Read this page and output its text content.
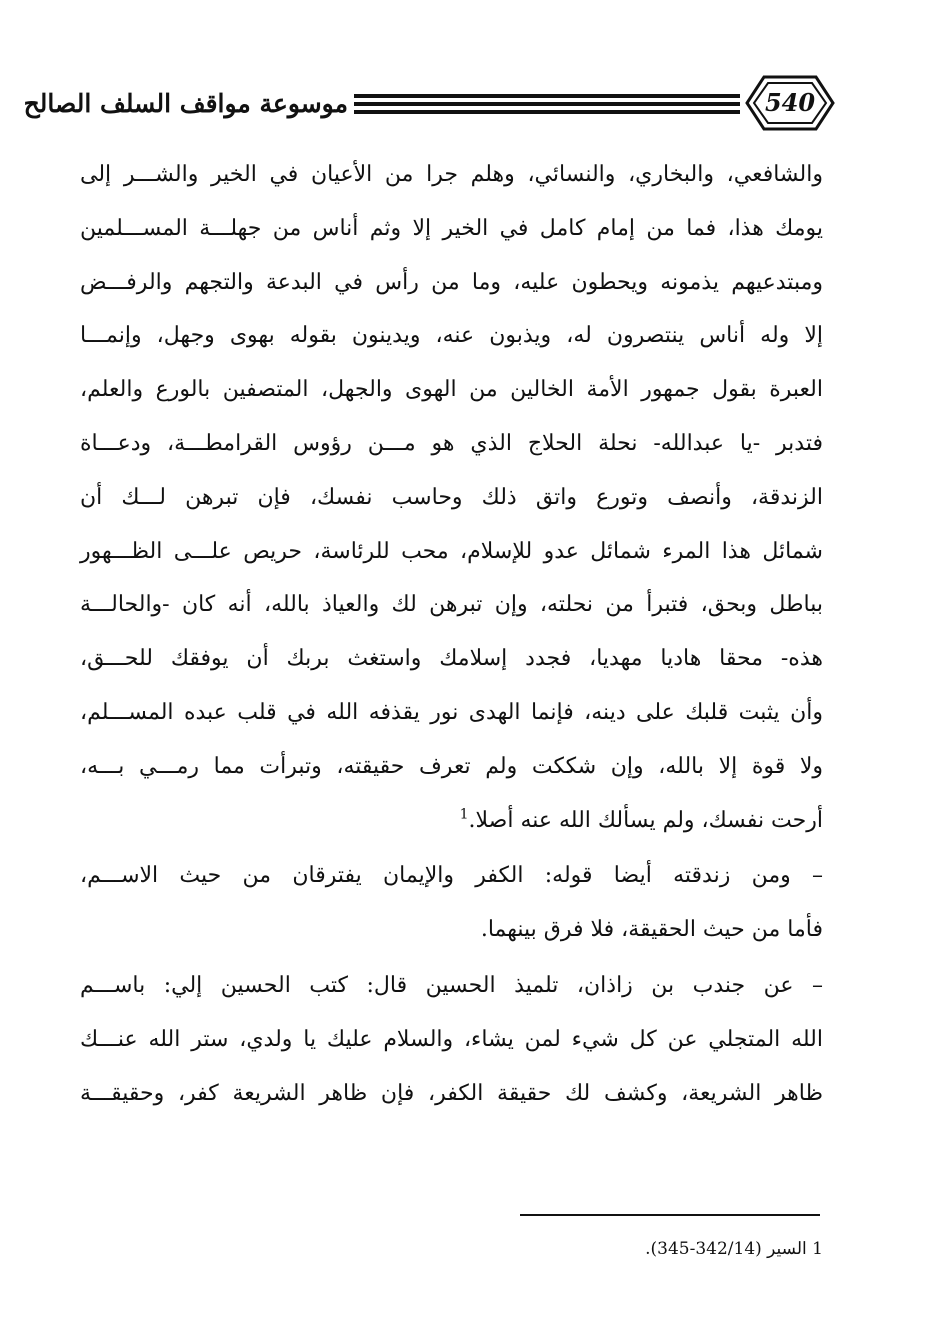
موسوعة مواقف السلف الصالح	540
والشافعي، والبخاري، والنسائي، وهلم جرا من الأعيان في الخير والشـــر إلى
يومك هذا، فما من إمام كامل في الخير إلا وثم أناس من جهلـــة المســـلمين
ومبتدعيهم يذمونه ويحطون عليه، وما من رأس في البدعة والتجهم والرفـــض
إلا وله أناس ينتصرون له، ويذبون عنه، ويدينون بقوله بهوى وجهل، وإنمـــا
العبرة بقول جمهور الأمة الخالين من الهوى والجهل، المتصفين بالورع والعلم،
فتدبر -يا عبدالله- نحلة الحلاج الذي هو مـــن رؤوس القرامطـــة، ودعـــاة
الزندقة، وأنصف وتورع واتق ذلك وحاسب نفسك، فإن تبرهن لـــك أن
شمائل هذا المرء شمائل عدو للإسلام، محب للرئاسة، حريص علـــى الظـــهور
بباطل وبحق، فتبرأ من نحلته، وإن تبرهن لك والعياذ بالله، أنه كان -والحالـــة
هذه- محقا هاديا مهديا، فجدد إسلامك واستغث بربك أن يوفقك للحـــق،
وأن يثبت قلبك على دينه، فإنما الهدى نور يقذفه الله في قلب عبده المســـلم،
ولا قوة إلا بالله، وإن شككت ولم تعرف حقيقته، وتبرأت مما رمـــي بـــه،
أرحت نفسك، ولم يسألك الله عنه أصلا.$^1$
– ومن زندقته أيضا قوله: الكفر والإيمان يفترقان من حيث الاســـم،
فأما من حيث الحقيقة، فلا فرق بينهما.
– عن جندب بن زاذان، تلميذ الحسين قال: كتب الحسين إلي: باســـم
الله المتجلي عن كل شيء لمن يشاء، والسلام عليك يا ولدي، ستر الله عنـــك
ظاهر الشريعة، وكشف لك حقيقة الكفر، فإن ظاهر الشريعة كفر، وحقيقـــة
1 السير (342/14-345).
